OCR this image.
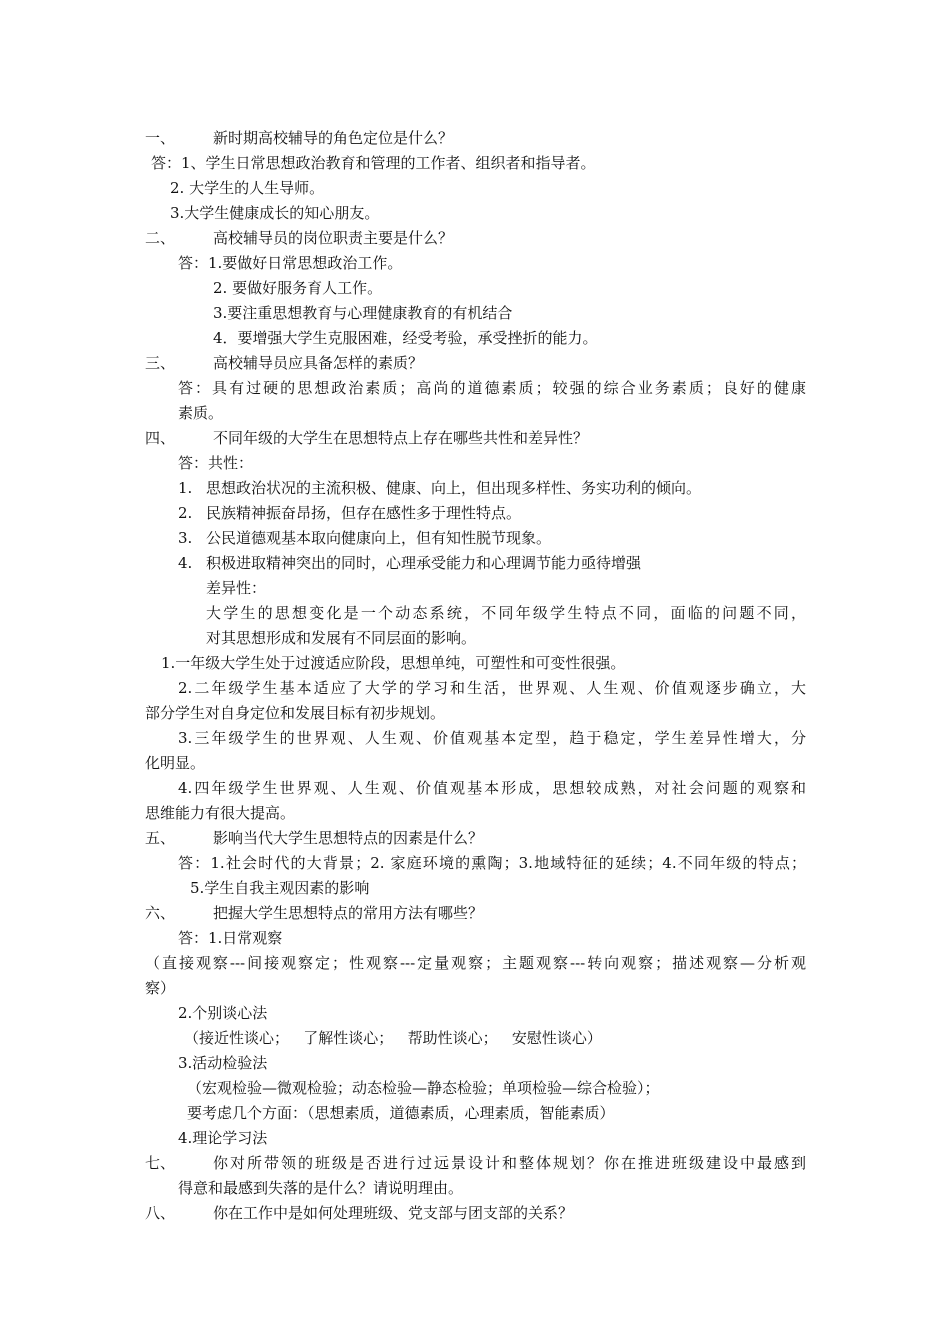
一、	新时期高校辅导的角色定位是什么？
答：1、学生日常思想政治教育和管理的工作者、组织者和指导者。
2. 大学生的人生导师。
3.大学生健康成长的知心朋友。
二、	高校辅导员的岗位职责主要是什么？
答：1.要做好日常思想政治工作。
2. 要做好服务育人工作。
3.要注重思想教育与心理健康教育的有机结合
4．要增强大学生克服困难，经受考验，承受挫折的能力。
三、	高校辅导员应具备怎样的素质？
答：具有过硬的思想政治素质；高尚的道德素质；较强的综合业务素质；良好的健康
素质。
四、	不同年级的大学生在思想特点上存在哪些共性和差异性？
答：共性：
1. 思想政治状况的主流积极、健康、向上，但出现多样性、务实功利的倾向。
2. 民族精神振奋昂扬，但存在感性多于理性特点。
3. 公民道德观基本取向健康向上，但有知性脱节现象。
4. 积极进取精神突出的同时，心理承受能力和心理调节能力亟待增强
差异性：
大学生的思想变化是一个动态系统，不同年级学生特点不同，面临的问题不同，
对其思想形成和发展有不同层面的影响。
1.一年级大学生处于过渡适应阶段，思想单纯，可塑性和可变性很强。
2.二年级学生基本适应了大学的学习和生活，世界观、人生观、价值观逐步确立，大
部分学生对自身定位和发展目标有初步规划。
3.三年级学生的世界观、人生观、价值观基本定型，趋于稳定，学生差异性增大，分
化明显。
4.四年级学生世界观、人生观、价值观基本形成，思想较成熟，对社会问题的观察和
思维能力有很大提高。
五、	影响当代大学生思想特点的因素是什么？
答：1.社会时代的大背景；2. 家庭环境的熏陶；3.地域特征的延续；4.不同年级的特点；
5.学生自我主观因素的影响
六、	把握大学生思想特点的常用方法有哪些？
答：1.日常观察
（直接观察---间接观察定；性观察---定量观察；主题观察---转向观察；描述观察—分析观
察）
2.个别谈心法
（接近性谈心；   了解性谈心；   帮助性谈心；   安慰性谈心）
3.活动检验法
（宏观检验—微观检验；动态检验—静态检验；单项检验—综合检验）；
要考虑几个方面：（思想素质，道德素质，心理素质，智能素质）
4.理论学习法
七、	你对所带领的班级是否进行过远景设计和整体规划？你在推进班级建设中最感到
得意和最感到失落的是什么？请说明理由。
八、	你在工作中是如何处理班级、党支部与团支部的关系？
